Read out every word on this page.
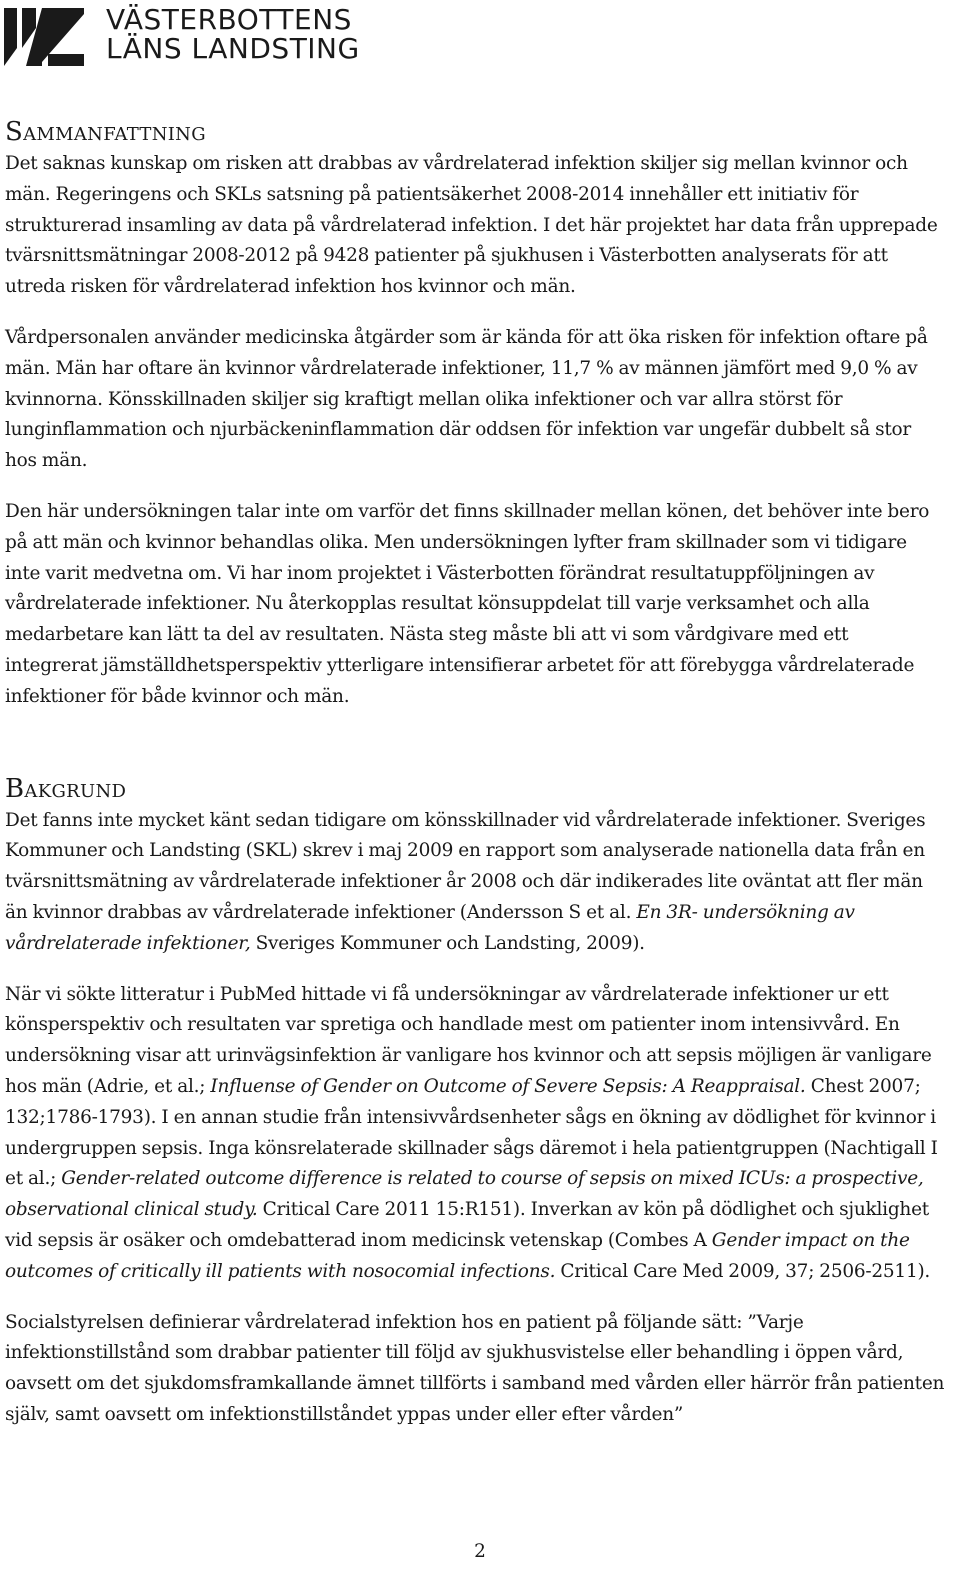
VÄSTERBOTTENS
LÄNS LANDSTING
Sammanfattning

Det saknas kunskap om risken att drabbas av vårdrelaterad infektion skiljer sig mellan kvinnor och män. Regeringens och SKLs satsning på patientsäkerhet 2008-2014 innehåller ett initiativ för strukturerad insamling av data på vårdrelaterad infektion. I det här projektet har data från upprepade tvärsnittsmätningar 2008-2012 på 9428 patienter på sjukhusen i Västerbotten analyserats för att utreda risken för vårdrelaterad infektion hos kvinnor och män.

Vårdpersonalen använder medicinska åtgärder som är kända för att öka risken för infektion oftare på män. Män har oftare än kvinnor vårdrelaterade infektioner, 11,7 % av männen jämfört med 9,0 % av kvinnorna. Könsskillnaden skiljer sig kraftigt mellan olika infektioner och var allra störst för lunginflammation och njurbäckeninflammation där oddsen för infektion var ungefär dubbelt så stor hos män.

Den här undersökningen talar inte om varför det finns skillnader mellan könen, det behöver inte bero på att män och kvinnor behandlas olika. Men undersökningen lyfter fram skillnader som vi tidigare inte varit medvetna om. Vi har inom projektet i Västerbotten förändrat resultatuppföljningen av vårdrelaterade infektioner. Nu återkopplas resultat könsuppdelat till varje verksamhet och alla medarbetare kan lätt ta del av resultaten. Nästa steg måste bli att vi som vårdgivare med ett integrerat jämställdhetsperspektiv ytterligare intensifierar arbetet för att förebygga vårdrelaterade infektioner för både kvinnor och män.

Bakgrund

Det fanns inte mycket känt sedan tidigare om könsskillnader vid vårdrelaterade infektioner. Sveriges Kommuner och Landsting (SKL) skrev i maj 2009 en rapport som analyserade nationella data från en tvärsnittsmätning av vårdrelaterade infektioner år 2008 och där indikerades lite oväntat att fler män än kvinnor drabbas av vårdrelaterade infektioner (Andersson S et al. En 3R- undersökning av vårdrelaterade infektioner, Sveriges Kommuner och Landsting, 2009).

När vi sökte litteratur i PubMed hittade vi få undersökningar av vårdrelaterade infektioner ur ett könsperspektiv och resultaten var spretiga och handlade mest om patienter inom intensivvård. En undersökning visar att urinvägsinfektion är vanligare hos kvinnor och att sepsis möjligen är vanligare hos män (Adrie, et al.; Influense of Gender on Outcome of Severe Sepsis: A Reappraisal. Chest 2007; 132;1786-1793). I en annan studie från intensivvårdsenheter sågs en ökning av dödlighet för kvinnor i undergruppen sepsis. Inga könsrelaterade skillnader sågs däremot i hela patientgruppen (Nachtigall I et al.; Gender-related outcome difference is related to course of sepsis on mixed ICUs: a prospective, observational clinical study. Critical Care 2011 15:R151). Inverkan av kön på dödlighet och sjuklighet vid sepsis är osäker och omdebatterad inom medicinsk vetenskap (Combes A Gender impact on the outcomes of critically ill patients with nosocomial infections. Critical Care Med 2009, 37; 2506-2511).

Socialstyrelsen definierar vårdrelaterad infektion hos en patient på följande sätt: ”Varje infektionstillstånd som drabbar patienter till följd av sjukhusvistelse eller behandling i öppen vård, oavsett om det sjukdomsframkallande ämnet tillförts i samband med vården eller härrör från patienten själv, samt oavsett om infektionstillståndet yppas under eller efter vården”

2
